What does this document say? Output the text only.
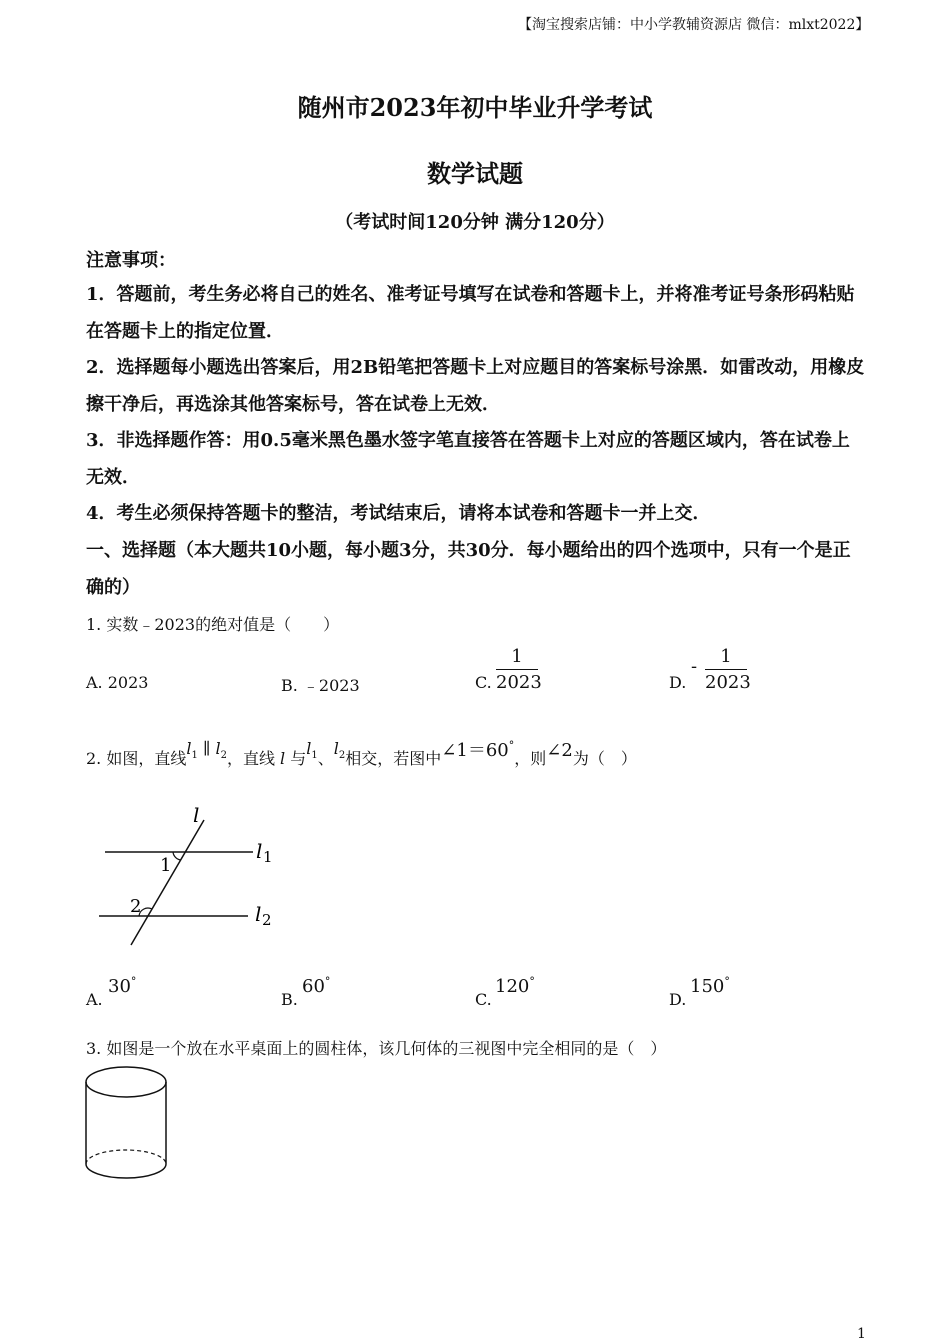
【淘宝搜索店铺：中小学教辅资源店 微信：mlxt2022】
随州市2023年初中毕业升学考试
数学试题
（考试时间120分钟 满分120分）
注意事项：
1．答题前，考生务必将自己的姓名、准考证号填写在试卷和答题卡上，并将准考证号条形码粘贴在答题卡上的指定位置．
2．选择题每小题选出答案后，用2B铅笔把答题卡上对应题目的答案标号涂黑．如雷改动，用橡皮擦干净后，再选涂其他答案标号，答在试卷上无效．
3．非选择题作答：用0.5毫米黑色墨水签字笔直接答在答题卡上对应的答题区域内，答在试卷上无效．
4．考生必须保持答题卡的整洁，考试结束后，请将本试卷和答题卡一并上交．
一、选择题（本大题共10小题，每小题3分，共30分．每小题给出的四个选项中，只有一个是正确的）
1. 实数﹣2023的绝对值是（　　）
A. 2023	B. ﹣2023	C.
1
2023	D.
-	1
2023
2. 如图，直线$l_1$ ∥ $l_2$，直线 l 与$l_1$、$l_2$相交，若图中∠1＝60°，则∠2为（　）
l
l 1
l 2
1
2
A.
30°
B.
60°
C.
120°
D.
150°
3. 如图是一个放在水平桌面上的圆柱体，该几何体的三视图中完全相同的是（　）
1
